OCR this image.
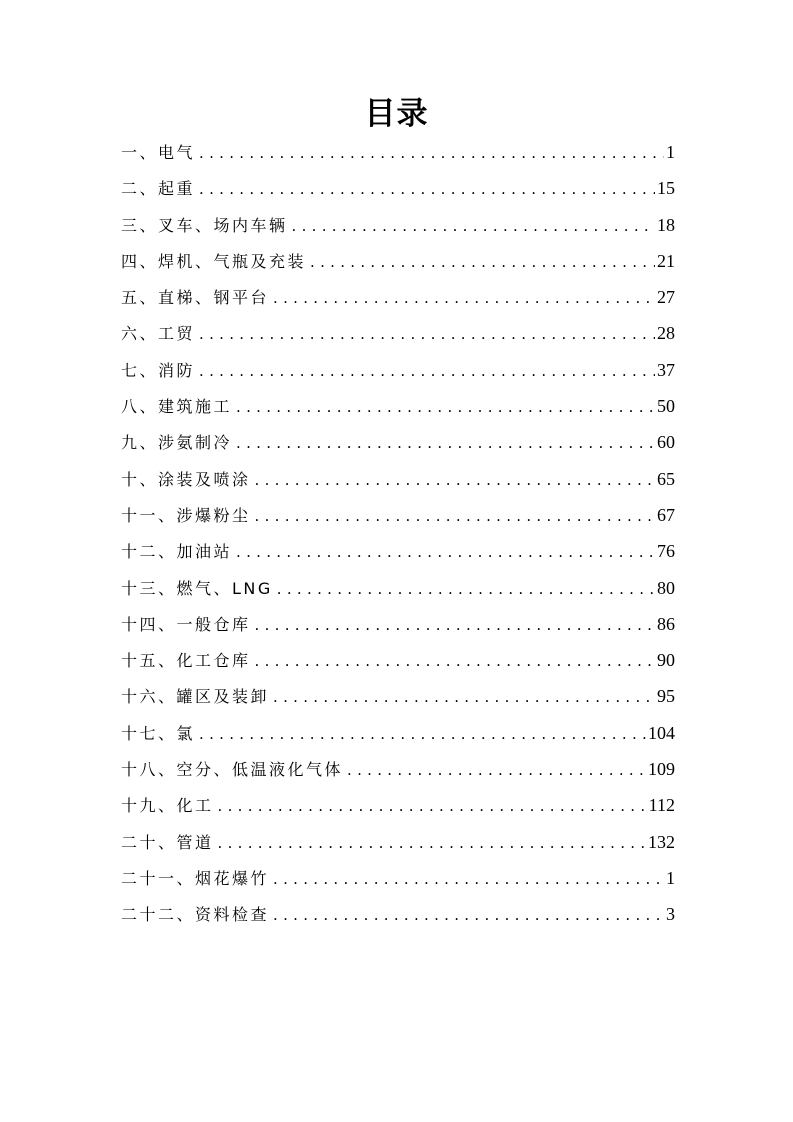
目录
一、电气 .....	1
二、起重 .....	15
三、叉车、场内车辆 .....	18
四、焊机、气瓶及充装 .....	21
五、直梯、钢平台 .....	27
六、工贸 .....	28
七、消防 .....	37
八、建筑施工 .....	50
九、涉氨制冷 .....	60
十、涂装及喷涂 .....	65
十一、涉爆粉尘 .....	67
十二、加油站 .....	76
十三、燃气、LNG .....	80
十四、一般仓库 .....	86
十五、化工仓库 .....	90
十六、罐区及装卸 .....	95
十七、氯 .....	104
十八、空分、低温液化气体 .....	109
十九、化工 .....	112
二十、管道 .....	132
二十一、烟花爆竹 .....	1
二十二、资料检查 .....	3
